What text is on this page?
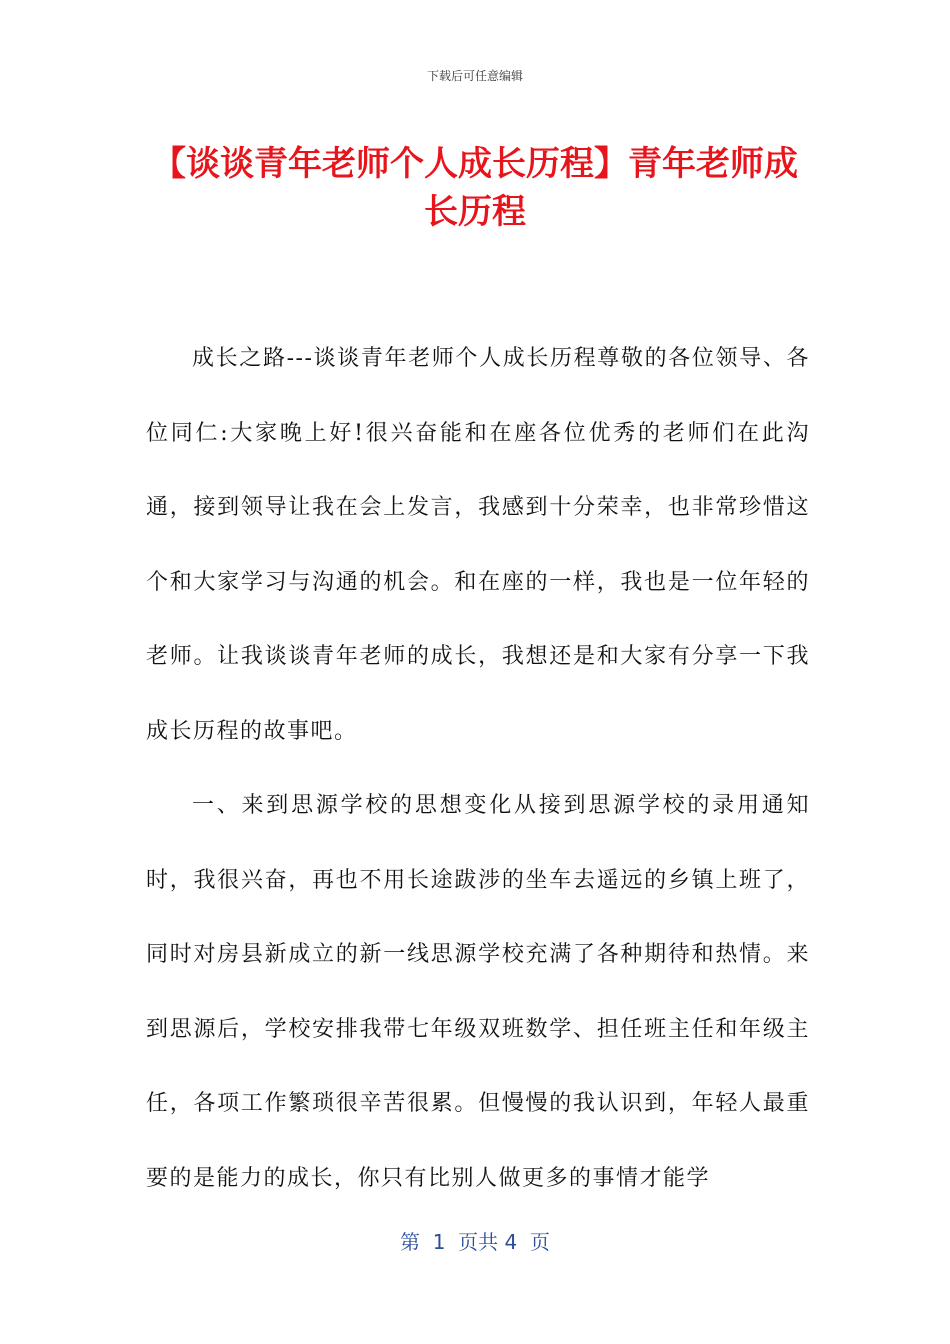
下载后可任意编辑
【谈谈青年老师个人成长历程】青年老师成长历程

成长之路---谈谈青年老师个人成长历程尊敬的各位领导、各位同仁:大家晚上好!很兴奋能和在座各位优秀的老师们在此沟通，接到领导让我在会上发言，我感到十分荣幸，也非常珍惜这个和大家学习与沟通的机会。和在座的一样，我也是一位年轻的老师。让我谈谈青年老师的成长，我想还是和大家有分享一下我成长历程的故事吧。

一、来到思源学校的思想变化从接到思源学校的录用通知时，我很兴奋，再也不用长途跋涉的坐车去遥远的乡镇上班了，同时对房县新成立的新一线思源学校充满了各种期待和热情。来到思源后，学校安排我带七年级双班数学、担任班主任和年级主任，各项工作繁琐很辛苦很累。但慢慢的我认识到，年轻人最重要的是能力的成长，你只有比别人做更多的事情才能学

第  1  页共 4  页
